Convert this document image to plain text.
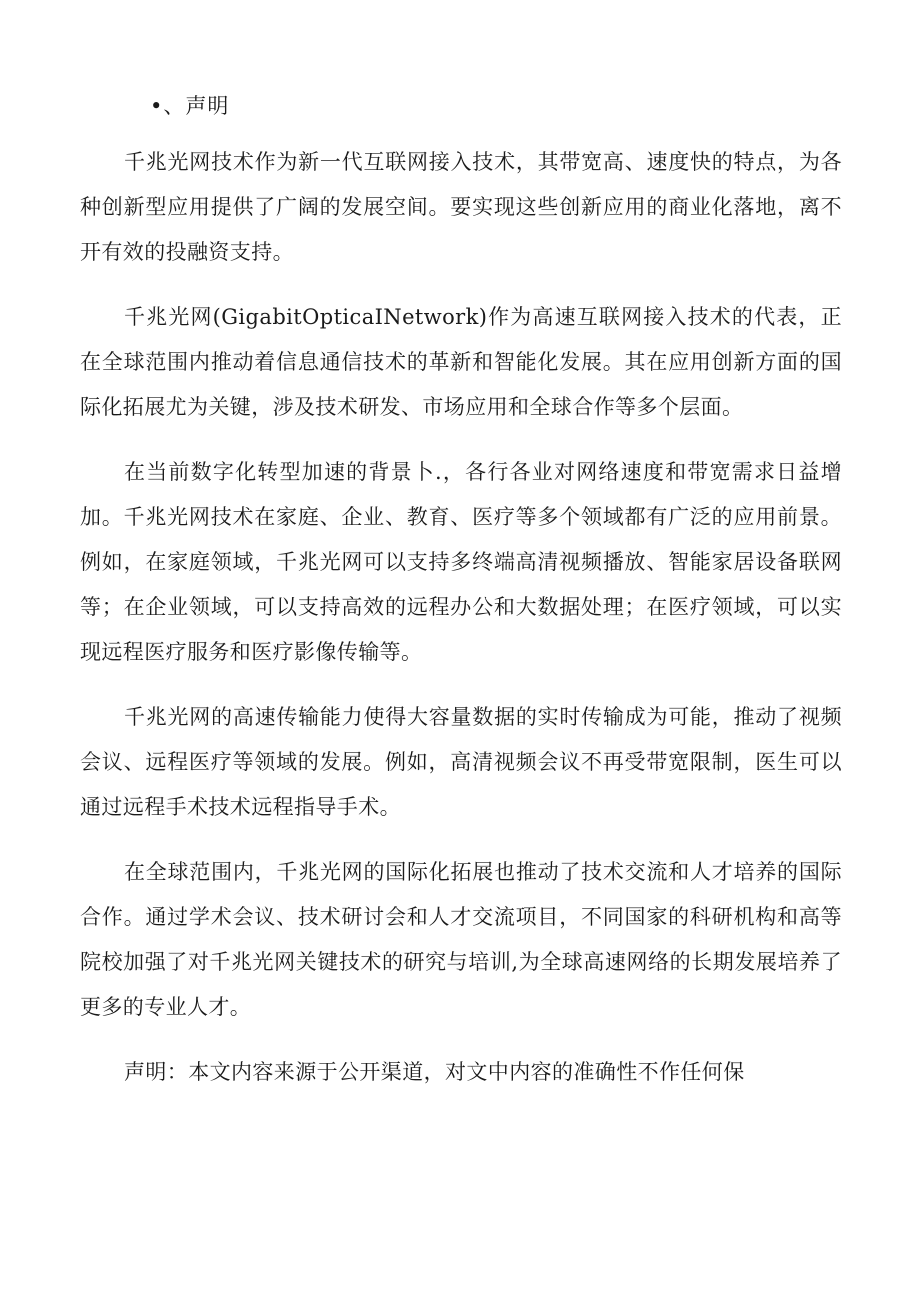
•、声明

千兆光网技术作为新一代互联网接入技术，其带宽高、速度快的特点，为各种创新型应用提供了广阔的发展空间。要实现这些创新应用的商业化落地，离不开有效的投融资支持。

千兆光网(GigabitOpticaINetwork)作为高速互联网接入技术的代表，正在全球范围内推动着信息通信技术的革新和智能化发展。其在应用创新方面的国际化拓展尤为关键，涉及技术研发、市场应用和全球合作等多个层面。

在当前数字化转型加速的背景卜.，各行各业对网络速度和带宽需求日益增加。千兆光网技术在家庭、企业、教育、医疗等多个领域都有广泛的应用前景。例如，在家庭领域，千兆光网可以支持多终端高清视频播放、智能家居设备联网等；在企业领域，可以支持高效的远程办公和大数据处理；在医疗领域，可以实现远程医疗服务和医疗影像传输等。

千兆光网的高速传输能力使得大容量数据的实时传输成为可能，推动了视频会议、远程医疗等领域的发展。例如，高清视频会议不再受带宽限制，医生可以通过远程手术技术远程指导手术。

在全球范围内，千兆光网的国际化拓展也推动了技术交流和人才培养的国际合作。通过学术会议、技术研讨会和人才交流项目，不同国家的科研机构和高等院校加强了对千兆光网关键技术的研究与培训,为全球高速网络的长期发展培养了更多的专业人才。

声明：本文内容来源于公开渠道，对文中内容的准确性不作任何保
